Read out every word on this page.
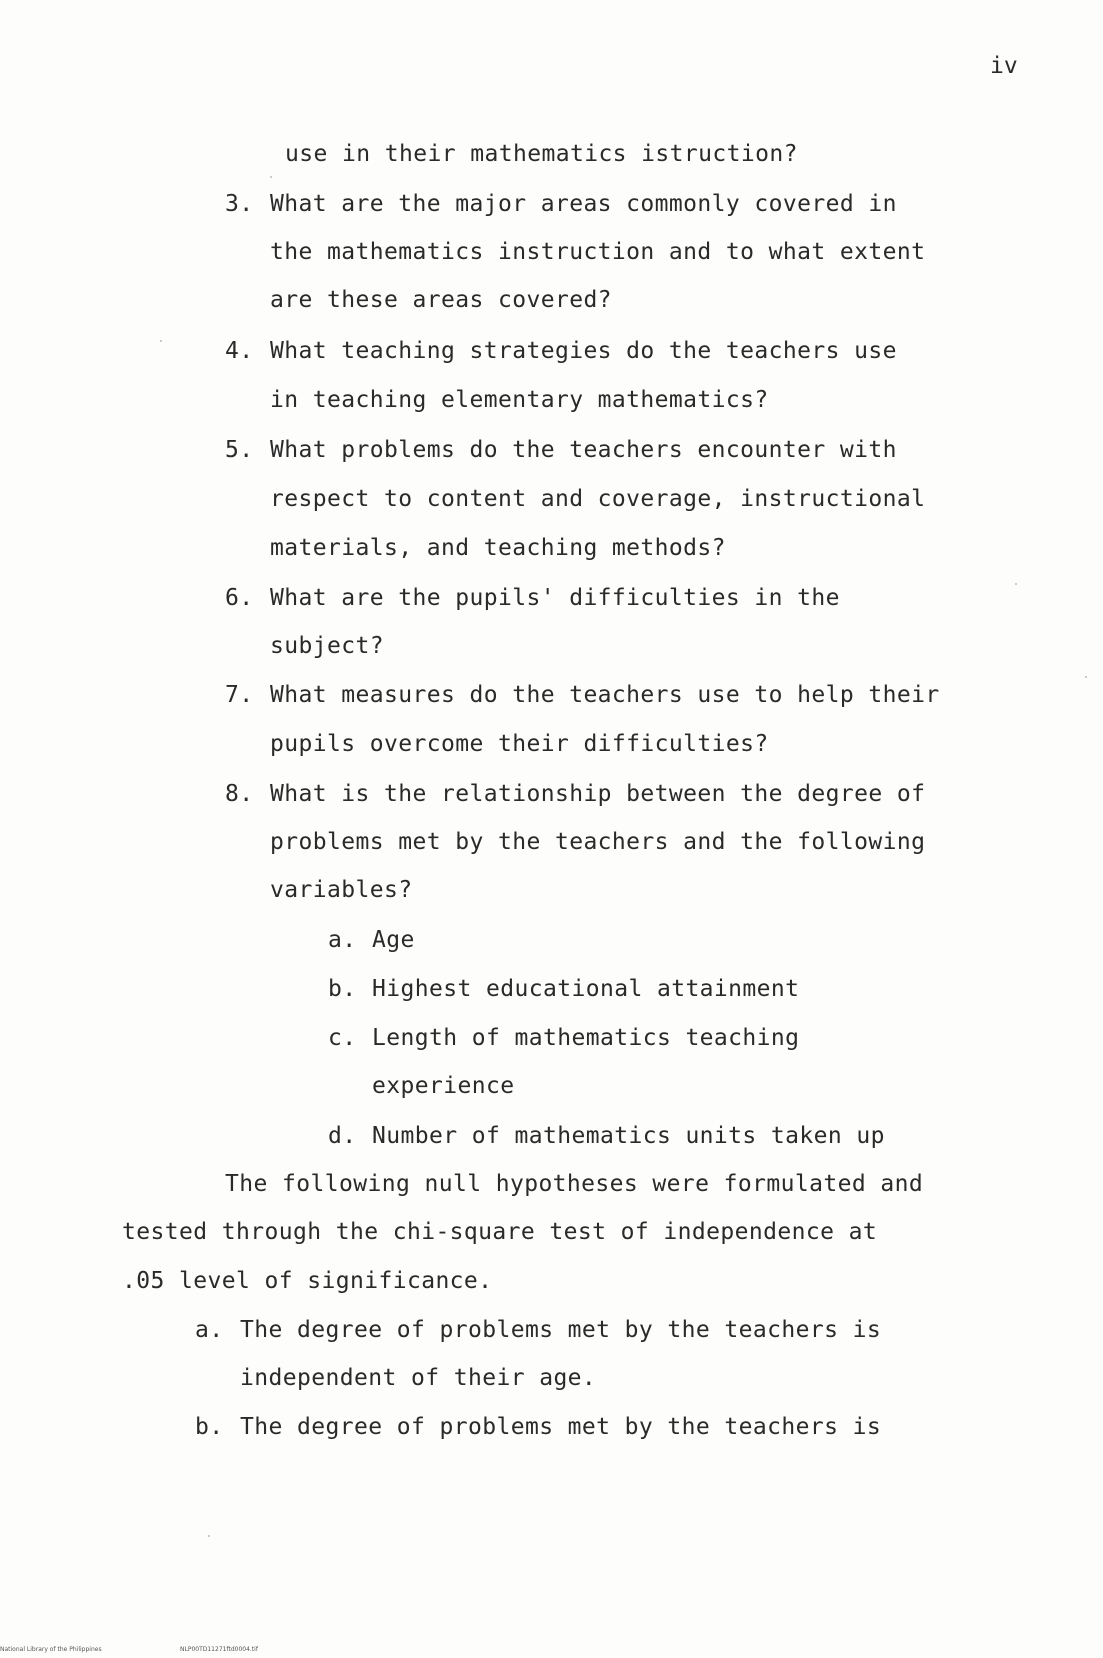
iv
use in their mathematics istruction?
3. What are the major areas commonly covered in
the mathematics instruction and to what extent
are these areas covered?
4. What teaching strategies do the teachers use
in teaching elementary mathematics?
5. What problems do the teachers encounter with
respect to content and coverage, instructional
materials, and teaching methods?
6. What are the pupils' difficulties in the
subject?
7. What measures do the teachers use to help their
pupils overcome their difficulties?
8. What is the relationship between the degree of
problems met by the teachers and the following
variables?
a. Age
b. Highest educational attainment
c. Length of mathematics teaching
experience
d. Number of mathematics units taken up
The following null hypotheses were formulated and
tested through the chi-square test of independence at
.05 level of significance.
a. The degree of problems met by the teachers is
independent of their age.
b. The degree of problems met by the teachers is
National Library of the Philippines	NLP00TD11271ftd0004.tif
